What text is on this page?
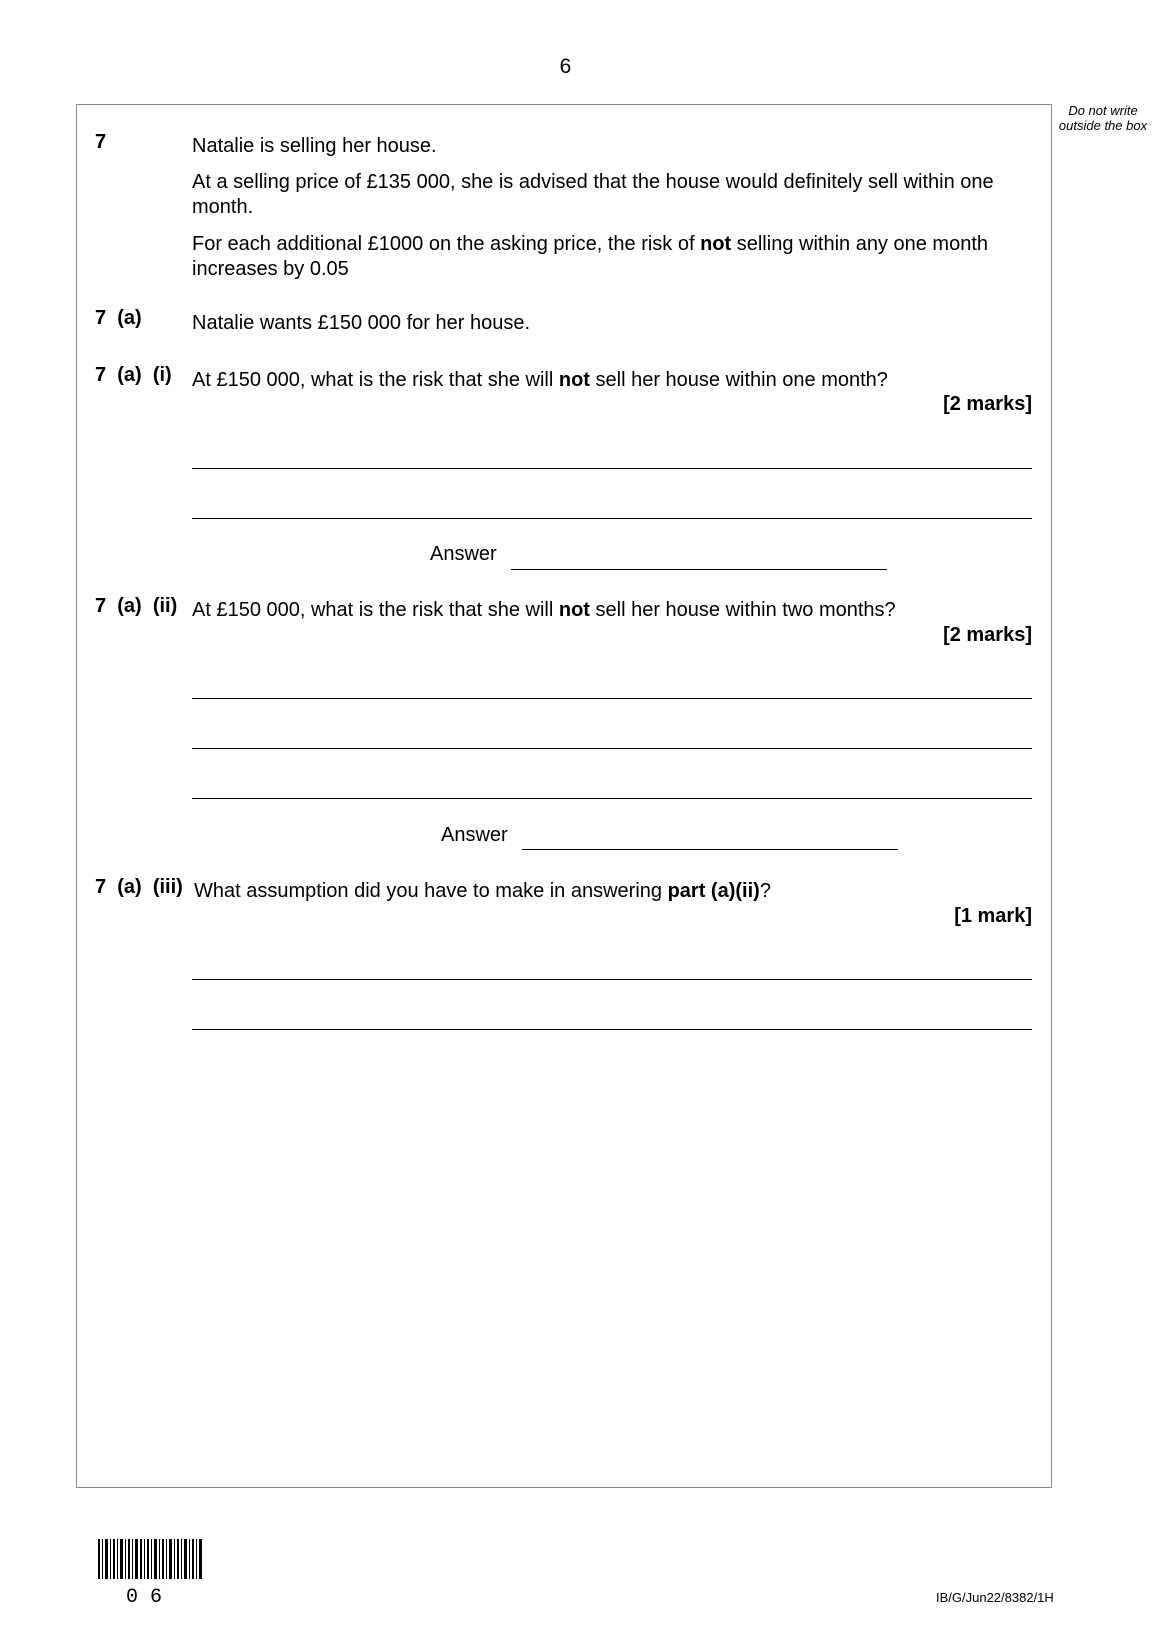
6
Do not write outside the box
7	Natalie is selling her house.
At a selling price of £135 000, she is advised that the house would definitely sell within one month.
For each additional £1000 on the asking price, the risk of not selling within any one month increases by 0.05
7 (a)	Natalie wants £150 000 for her house.
7 (a) (i) At £150 000, what is the risk that she will not sell her house within one month?
[2 marks]
Answer
7 (a) (ii) At £150 000, what is the risk that she will not sell her house within two months?
[2 marks]
Answer
7 (a) (iii) What assumption did you have to make in answering part (a)(ii)?
[1 mark]
06	IB/G/Jun22/8382/1H
